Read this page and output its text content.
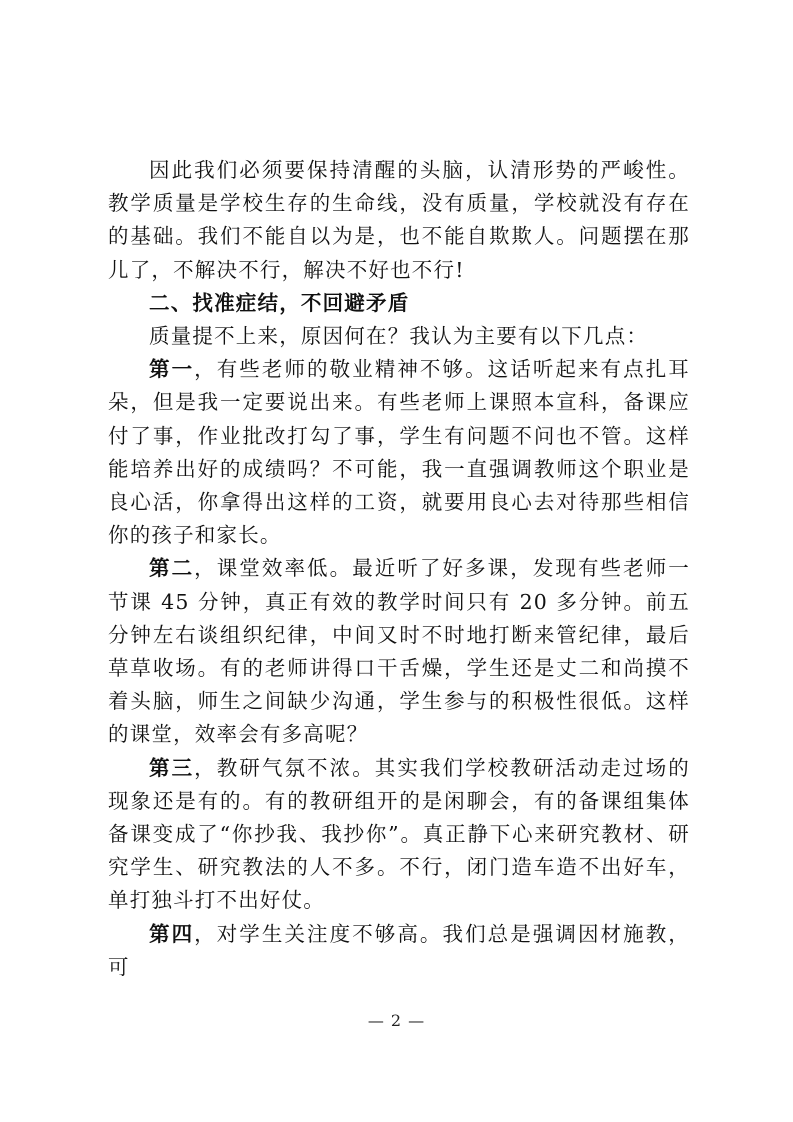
因此我们必须要保持清醒的头脑，认清形势的严峻性。教学质量是学校生存的生命线，没有质量，学校就没有存在的基础。我们不能自以为是，也不能自欺欺人。问题摆在那儿了，不解决不行，解决不好也不行!

二、找准症结，不回避矛盾

质量提不上来，原因何在？我认为主要有以下几点：

第一，有些老师的敬业精神不够。这话听起来有点扎耳朵，但是我一定要说出来。有些老师上课照本宣科，备课应付了事，作业批改打勾了事，学生有问题不问也不管。这样能培养出好的成绩吗？不可能，我一直强调教师这个职业是良心活，你拿得出这样的工资，就要用良心去对待那些相信你的孩子和家长。

第二，课堂效率低。最近听了好多课，发现有些老师一节课 45 分钟，真正有效的教学时间只有 20 多分钟。前五分钟左右谈组织纪律，中间又时不时地打断来管纪律，最后草草收场。有的老师讲得口干舌燥，学生还是丈二和尚摸不着头脑，师生之间缺少沟通，学生参与的积极性很低。这样的课堂，效率会有多高呢？

第三，教研气氛不浓。其实我们学校教研活动走过场的现象还是有的。有的教研组开的是闲聊会，有的备课组集体备课变成了“你抄我、我抄你”。真正静下心来研究教材、研究学生、研究教法的人不多。不行，闭门造车造不出好车，单打独斗打不出好仗。

第四，对学生关注度不够高。我们总是强调因材施教，可

— 2 —
